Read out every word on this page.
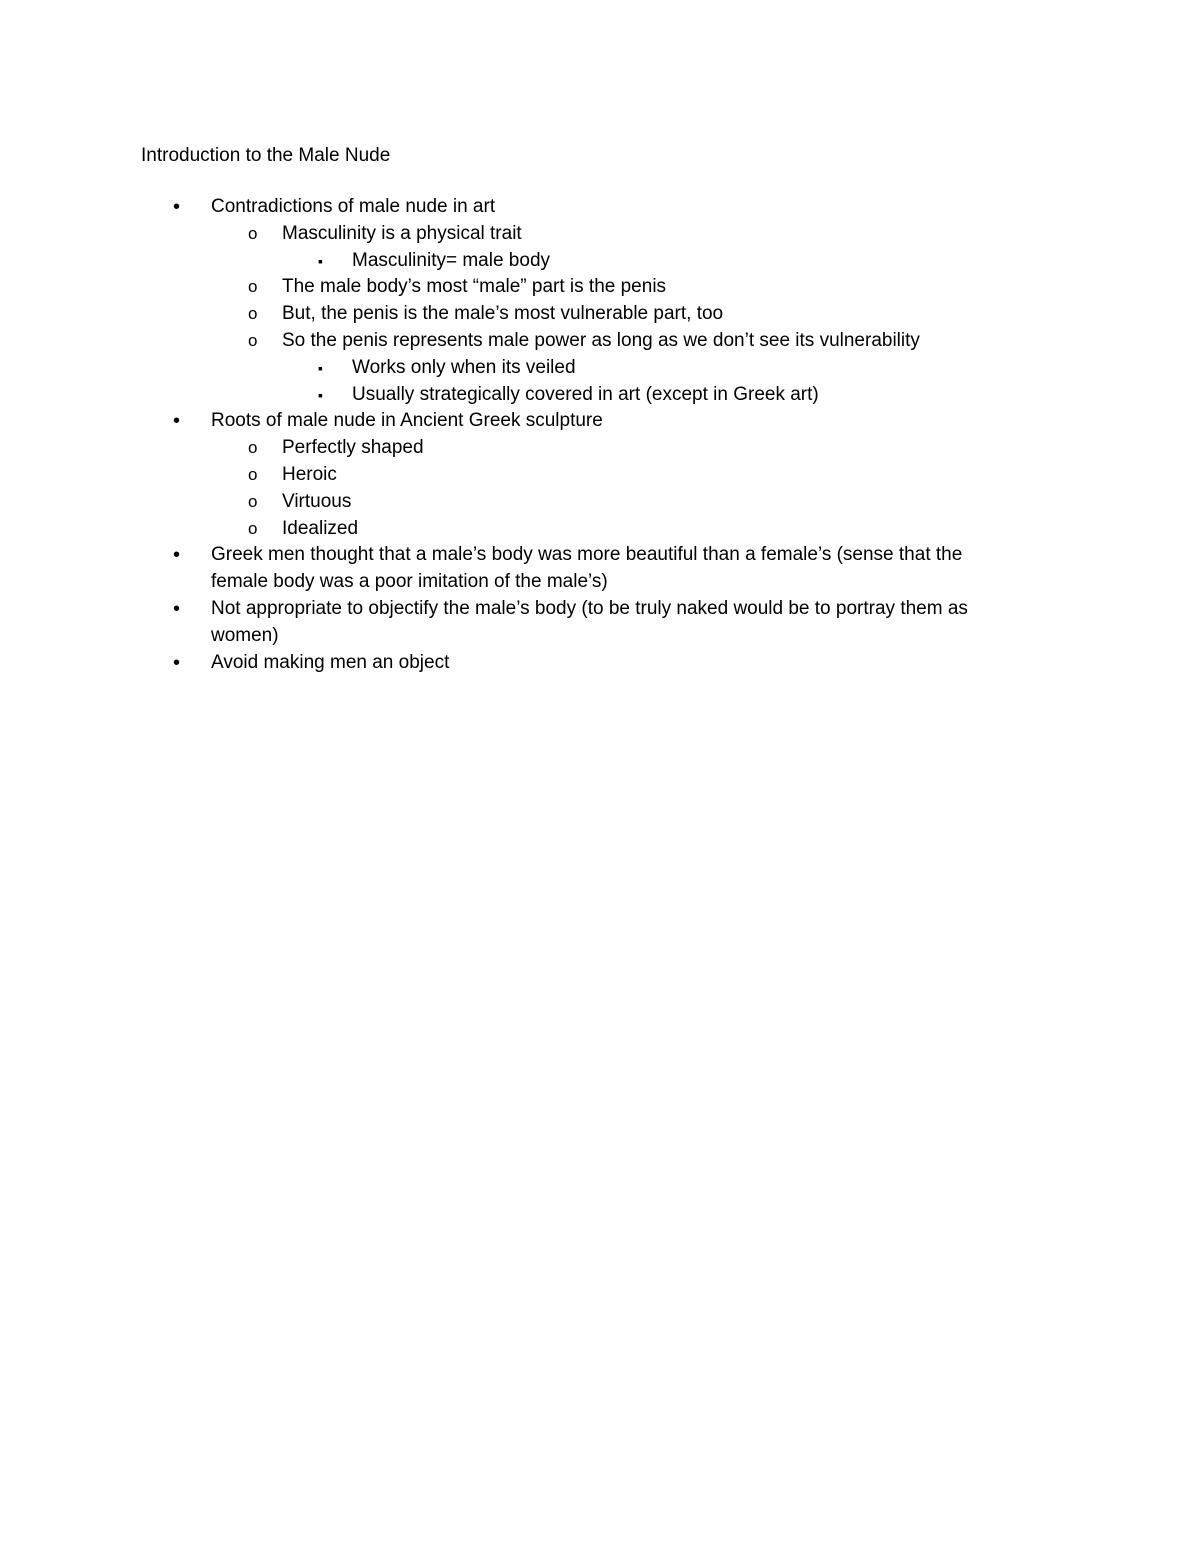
Introduction to the Male Nude
• Contradictions of male nude in art
o Masculinity is a physical trait
▪ Masculinity= male body
o The male body’s most “male” part is the penis
o But, the penis is the male’s most vulnerable part, too
o So the penis represents male power as long as we don’t see its vulnerability
▪ Works only when its veiled
▪ Usually strategically covered in art (except in Greek art)
• Roots of male nude in Ancient Greek sculpture
o Perfectly shaped
o Heroic
o Virtuous
o Idealized
• Greek men thought that a male’s body was more beautiful than a female’s (sense that the female body was a poor imitation of the male’s)
• Not appropriate to objectify the male’s body (to be truly naked would be to portray them as women)
• Avoid making men an object
